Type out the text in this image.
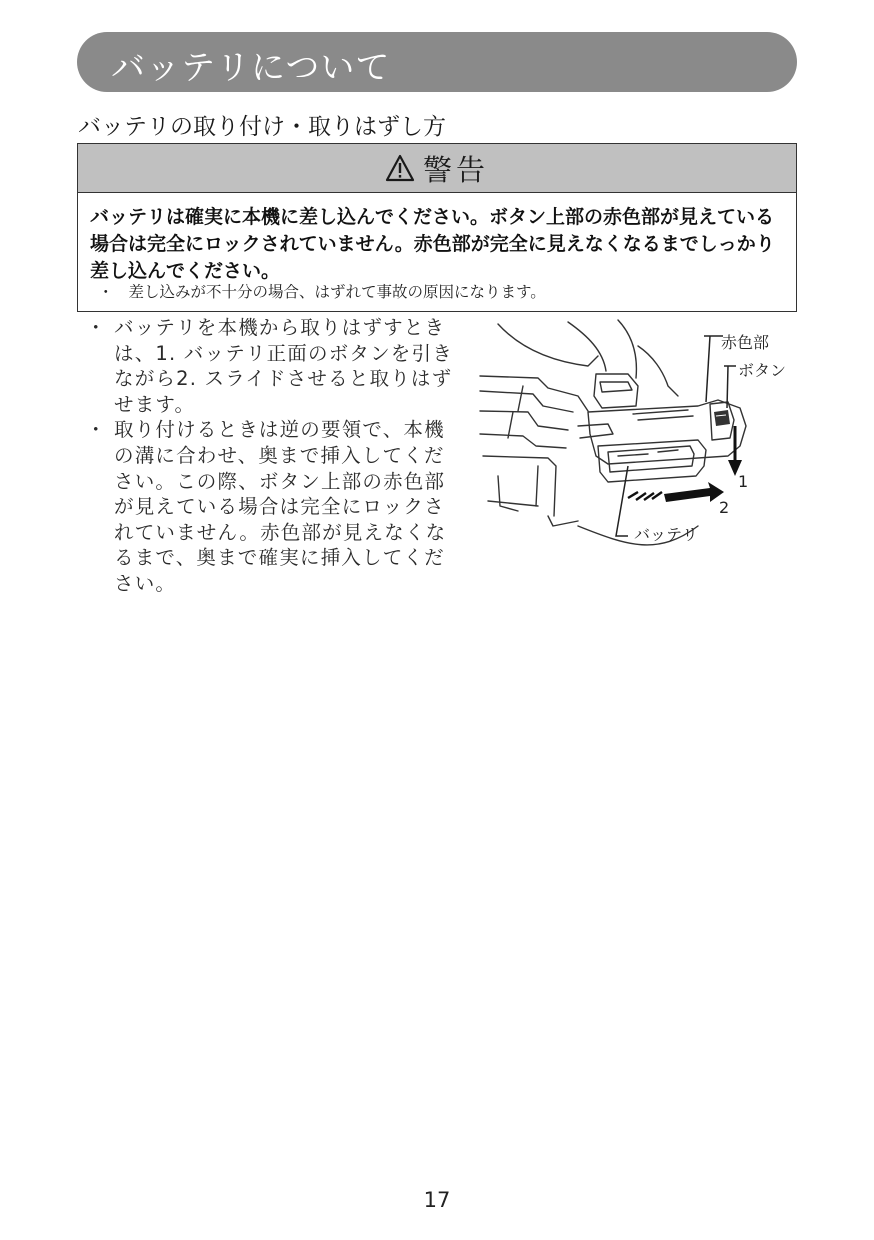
バッテリについて
バッテリの取り付け・取りはずし方
警告
バッテリは確実に本機に差し込んでください。ボタン上部の赤色部が見えている場合は完全にロックされていません。赤色部が完全に見えなくなるまでしっかり差し込んでください。
・ 差し込みが不十分の場合、はずれて事故の原因になります。
・ バッテリを本機から取りはずすときは、1. バッテリ正面のボタンを引きながら2. スライドさせると取りはずせます。
・ 取り付けるときは逆の要領で、本機の溝に合わせ、奥まで挿入してください。この際、ボタン上部の赤色部が見えている場合は完全にロックされていません。赤色部が見えなくなるまで、奥まで確実に挿入してください。
赤色部
ボタン
1
2
バッテリ
17
